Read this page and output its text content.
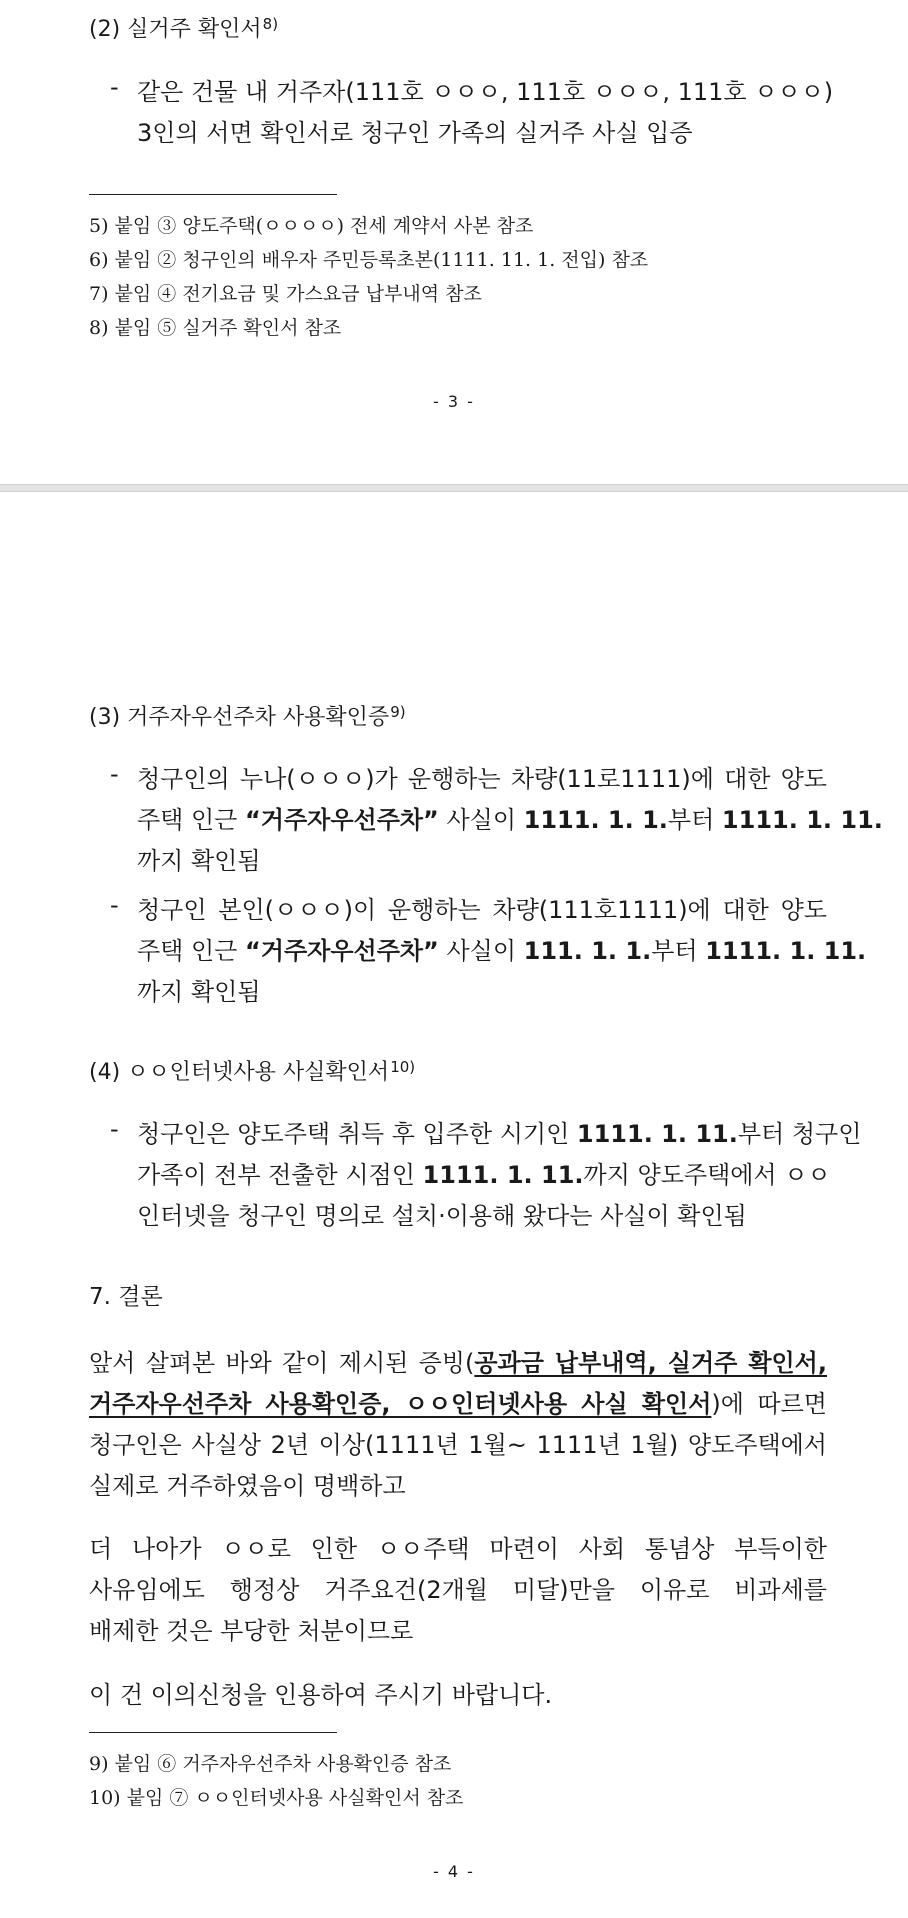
(2) 실거주 확인서$^{8)}$
- 같은 건물 내 거주자(111호 ㅇㅇㅇ, 111호 ㅇㅇㅇ, 111호 ㅇㅇㅇ)
3인의 서면 확인서로 청구인 가족의 실거주 사실 입증
5) 붙임 ③ 양도주택(ㅇㅇㅇㅇ) 전세 계약서 사본 참조
6) 붙임 ② 청구인의 배우자 주민등록초본(1111. 11. 1. 전입) 참조
7) 붙임 ④ 전기요금 및 가스요금 납부내역 참조
8) 붙임 ⑤ 실거주 확인서 참조
- 3 -
(3) 거주자우선주차 사용확인증$^{9)}$
- 청구인의 누나(ㅇㅇㅇ)가 운행하는 차량(11로1111)에 대한 양도
주택 인근 “거주자우선주차” 사실이 1111. 1. 1.부터 1111. 1. 11.
까지 확인됨
- 청구인 본인(ㅇㅇㅇ)이 운행하는 차량(111호1111)에 대한 양도
주택 인근 “거주자우선주차” 사실이 111. 1. 1.부터 1111. 1. 11.
까지 확인됨
(4) ㅇㅇ인터넷사용 사실확인서$^{10)}$
- 청구인은 양도주택 취득 후 입주한 시기인 1111. 1. 11.부터 청구인
가족이 전부 전출한 시점인 1111. 1. 11.까지 양도주택에서 ㅇㅇ
인터넷을 청구인 명의로 설치·이용해 왔다는 사실이 확인됨
7. 결론
앞서 살펴본 바와 같이 제시된 증빙(공과금 납부내역, 실거주 확인서,
거주자우선주차 사용확인증, ㅇㅇ인터넷사용 사실 확인서)에 따르면
청구인은 사실상 2년 이상(1111년 1월~ 1111년 1월) 양도주택에서
실제로 거주하였음이 명백하고
더 나아가 ㅇㅇ로 인한 ㅇㅇ주택 마련이 사회 통념상 부득이한
사유임에도 행정상 거주요건(2개월 미달)만을 이유로 비과세를
배제한 것은 부당한 처분이므로
이 건 이의신청을 인용하여 주시기 바랍니다.
9) 붙임 ⑥ 거주자우선주차 사용확인증 참조
10) 붙임 ⑦ ㅇㅇ인터넷사용 사실확인서 참조
- 4 -
